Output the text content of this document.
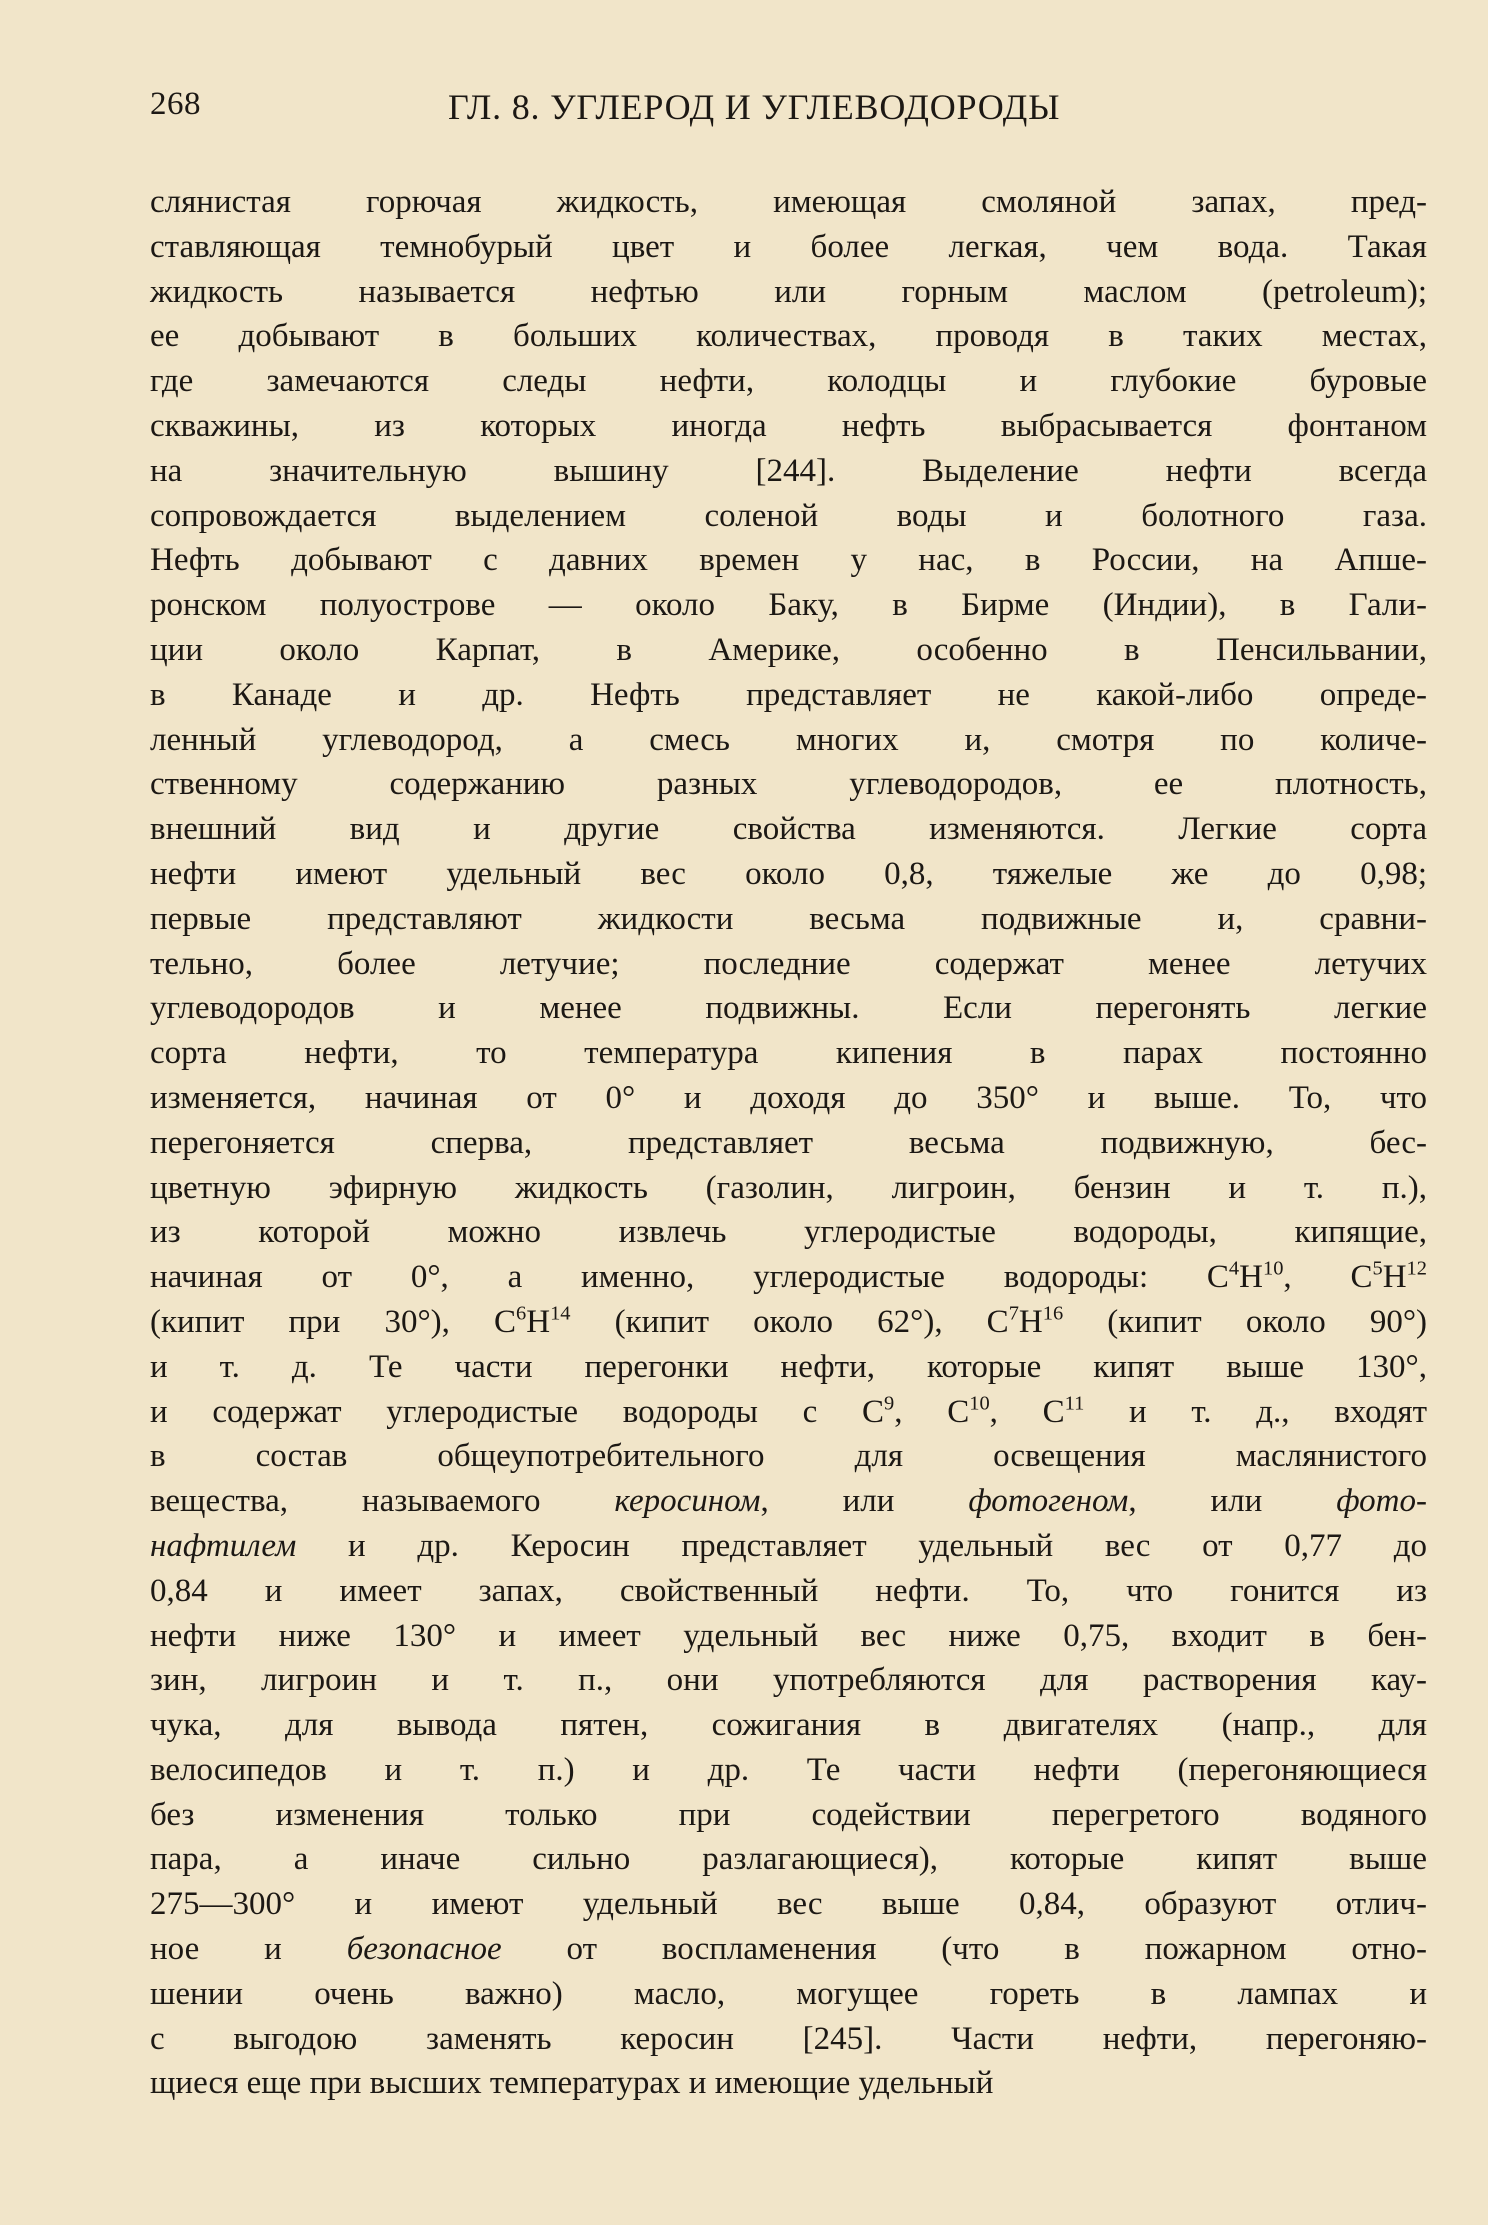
268	ГЛ. 8. УГЛЕРОД И УГЛЕВОДОРОДЫ
слянистая горючая жидкость, имеющая смоляной запах, пред-
ставляющая темнобурый цвет и более легкая, чем вода. Такая
жидкость называется нефтью или горным маслом (petroleum);
ее добывают в больших количествах, проводя в таких местах,
где замечаются следы нефти, колодцы и глубокие буровые
скважины, из которых иногда нефть выбрасывается фонтаном
на значительную вышину [244]. Выделение нефти всегда
сопровождается выделением соленой воды и болотного газа.
Нефть добывают с давних времен у нас, в России, на Апше-
ронском полуострове — около Баку, в Бирме (Индии), в Гали-
ции около Карпат, в Америке, особенно в Пенсильвании,
в Канаде и др. Нефть представляет не какой-либо опреде-
ленный углеводород, а смесь многих и, смотря по количе-
ственному содержанию разных углеводородов, ее плотность,
внешний вид и другие свойства изменяются. Легкие сорта
нефти имеют удельный вес около 0,8, тяжелые же до 0,98;
первые представляют жидкости весьма подвижные и, сравни-
тельно, более летучие; последние содержат менее летучих
углеводородов и менее подвижны. Если перегонять легкие
сорта нефти, то температура кипения в парах постоянно
изменяется, начиная от 0° и доходя до 350° и выше. То, что
перегоняется сперва, представляет весьма подвижную, бес-
цветную эфирную жидкость (газолин, лигроин, бензин и т. п.),
из которой можно извлечь углеродистые водороды, кипящие,
начиная от 0°, а именно, углеродистые водороды: $C^4H^{10}$, $C^5H^{12}$
(кипит при 30°), $C^6H^{14}$ (кипит около 62°), $C^7H^{16}$ (кипит около 90°)
и т. д. Те части перегонки нефти, которые кипят выше 130°,
и содержат углеродистые водороды с $C^9$, $C^{10}$, $C^{11}$ и т. д., входят
в состав общеупотребительного для освещения маслянистого
вещества, называемого керосином, или фотогеном, или фото-
нафтилем и др. Керосин представляет удельный вес от 0,77 до
0,84 и имеет запах, свойственный нефти. То, что гонится из
нефти ниже 130° и имеет удельный вес ниже 0,75, входит в бен-
зин, лигроин и т. п., они употребляются для растворения кау-
чука, для вывода пятен, сожигания в двигателях (напр., для
велосипедов и т. п.) и др. Те части нефти (перегоняющиеся
без изменения только при содействии перегретого водяного
пара, а иначе сильно разлагающиеся), которые кипят выше
275—300° и имеют удельный вес выше 0,84, образуют отлич-
ное и безопасное от воспламенения (что в пожарном отно-
шении очень важно) масло, могущее гореть в лампах и
с выгодою заменять керосин [245]. Части нефти, перегоняю-
щиеся еще при высших температурах и имеющие удельный
